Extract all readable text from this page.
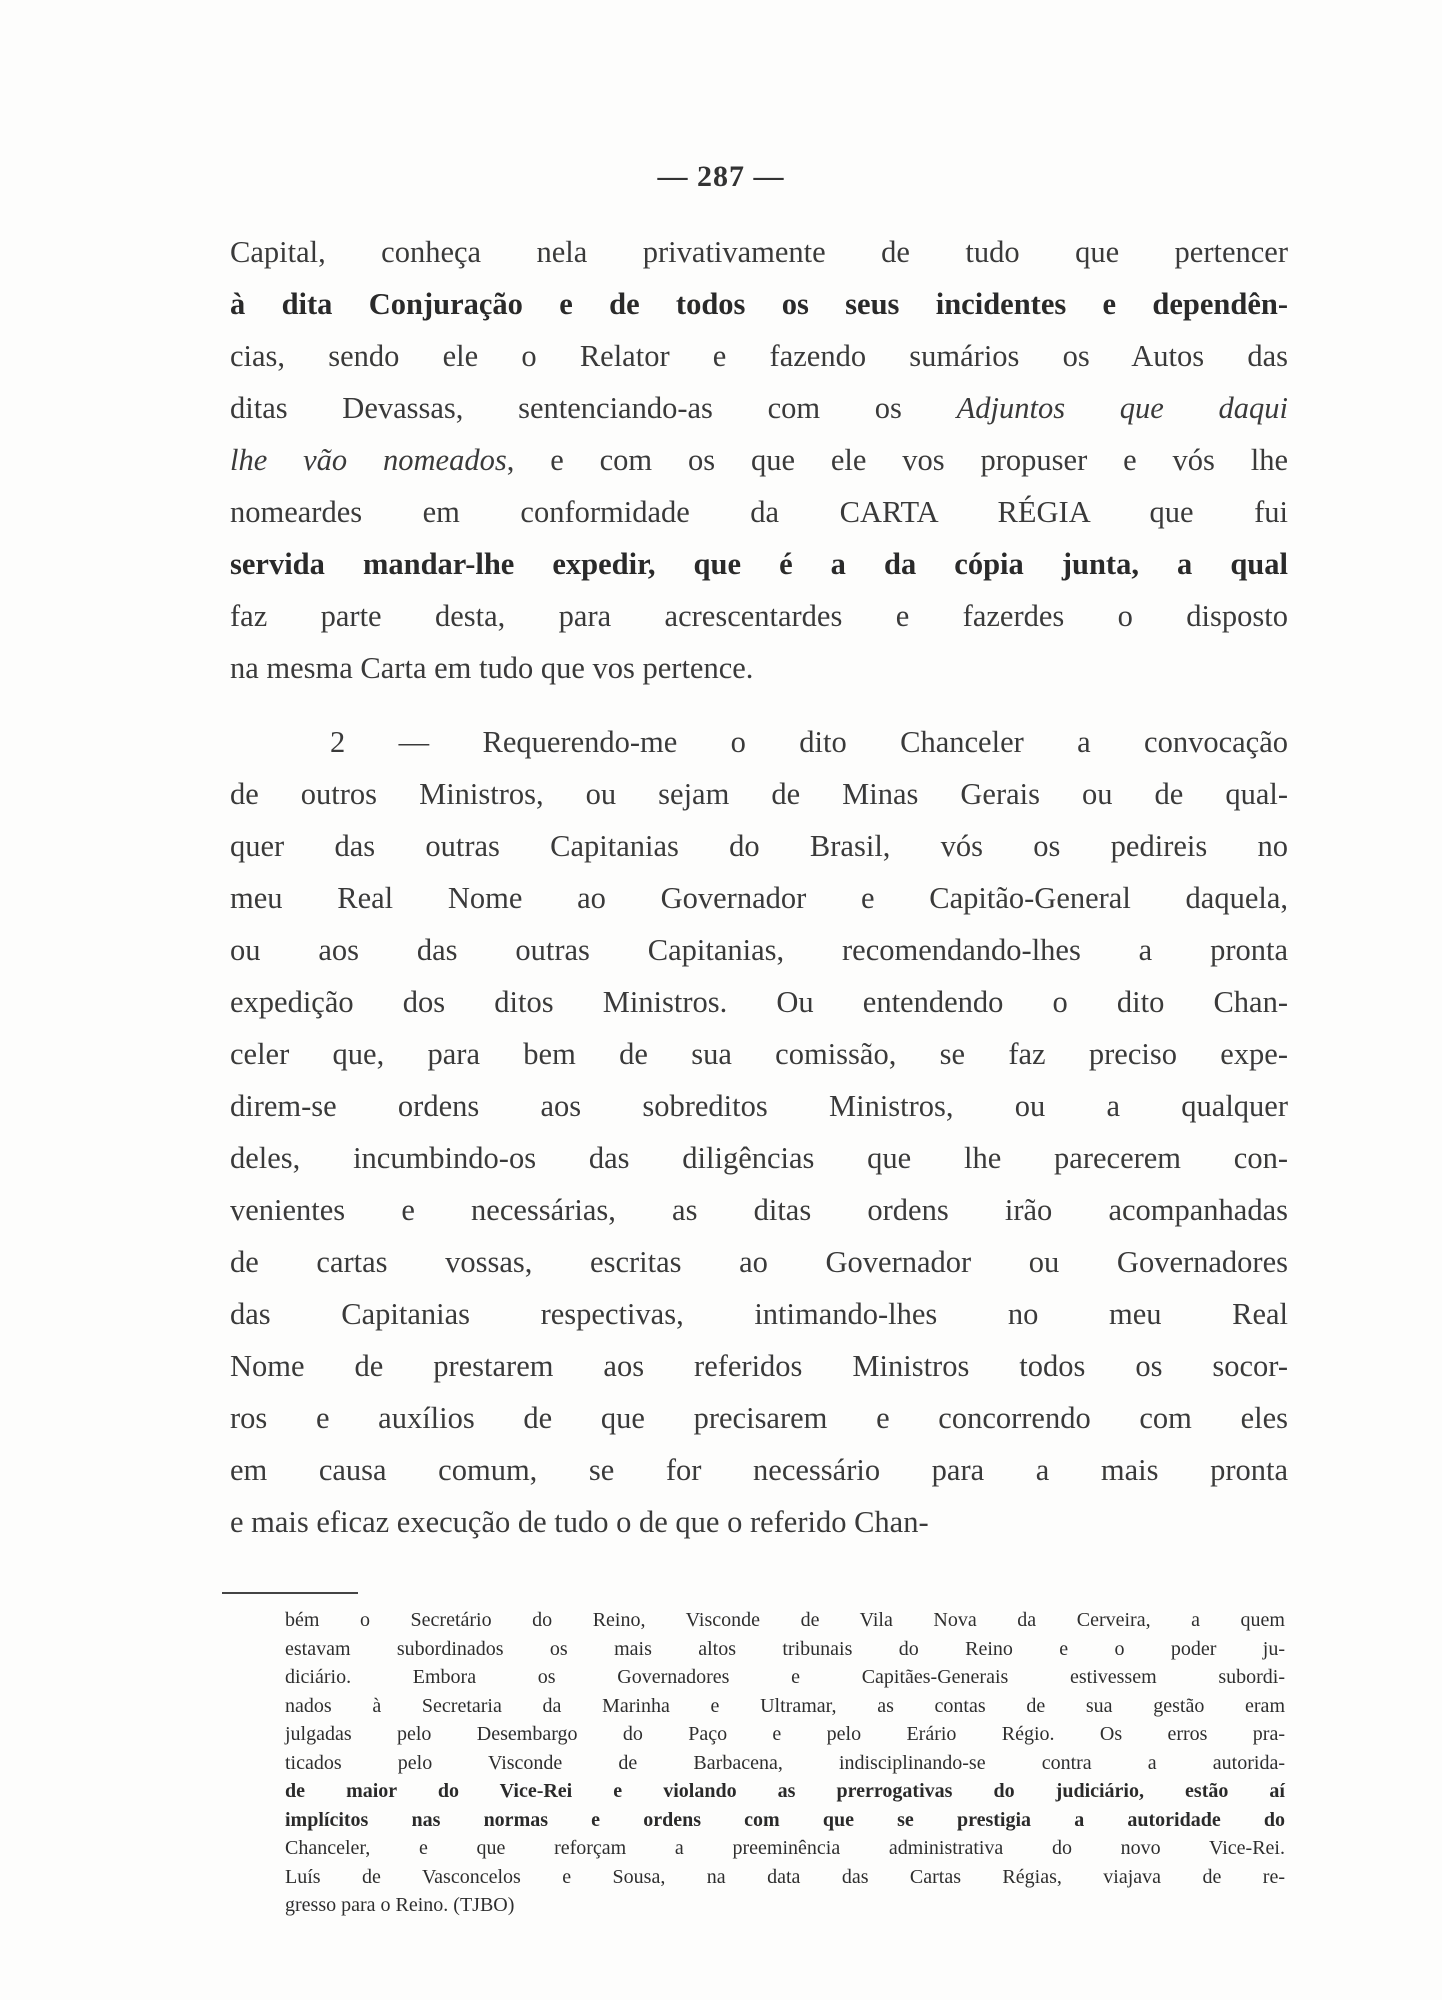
— 287 —
Capital, conheça nela privativamente de tudo que pertencer
à dita Conjuração e de todos os seus incidentes e dependên-
cias, sendo ele o Relator e fazendo sumários os Autos das
ditas Devassas, sentenciando-as com os Adjuntos que daqui
lhe vão nomeados, e com os que ele vos propuser e vós lhe
nomeardes em conformidade da CARTA RÉGIA que fui
servida mandar-lhe expedir, que é a da cópia junta, a qual
faz parte desta, para acrescentardes e fazerdes o disposto
na mesma Carta em tudo que vos pertence.
2 — Requerendo-me o dito Chanceler a convocação
de outros Ministros, ou sejam de Minas Gerais ou de qual-
quer das outras Capitanias do Brasil, vós os pedireis no
meu Real Nome ao Governador e Capitão-General daquela,
ou aos das outras Capitanias, recomendando-lhes a pronta
expedição dos ditos Ministros. Ou entendendo o dito Chan-
celer que, para bem de sua comissão, se faz preciso expe-
direm-se ordens aos sobreditos Ministros, ou a qualquer
deles, incumbindo-os das diligências que lhe parecerem con-
venientes e necessárias, as ditas ordens irão acompanhadas
de cartas vossas, escritas ao Governador ou Governadores
das Capitanias respectivas, intimando-lhes no meu Real
Nome de prestarem aos referidos Ministros todos os socor-
ros e auxílios de que precisarem e concorrendo com eles
em causa comum, se for necessário para a mais pronta
e mais eficaz execução de tudo o de que o referido Chan-
bém o Secretário do Reino, Visconde de Vila Nova da Cerveira, a quem
estavam subordinados os mais altos tribunais do Reino e o poder ju-
diciário. Embora os Governadores e Capitães-Generais estivessem subordi-
nados à Secretaria da Marinha e Ultramar, as contas de sua gestão eram
julgadas pelo Desembargo do Paço e pelo Erário Régio. Os erros pra-
ticados pelo Visconde de Barbacena, indisciplinando-se contra a autorida-
de maior do Vice-Rei e violando as prerrogativas do judiciário, estão aí
implícitos nas normas e ordens com que se prestigia a autoridade do
Chanceler, e que reforçam a preeminência administrativa do novo Vice-Rei.
Luís de Vasconcelos e Sousa, na data das Cartas Régias, viajava de re-
gresso para o Reino. (TJBO)
